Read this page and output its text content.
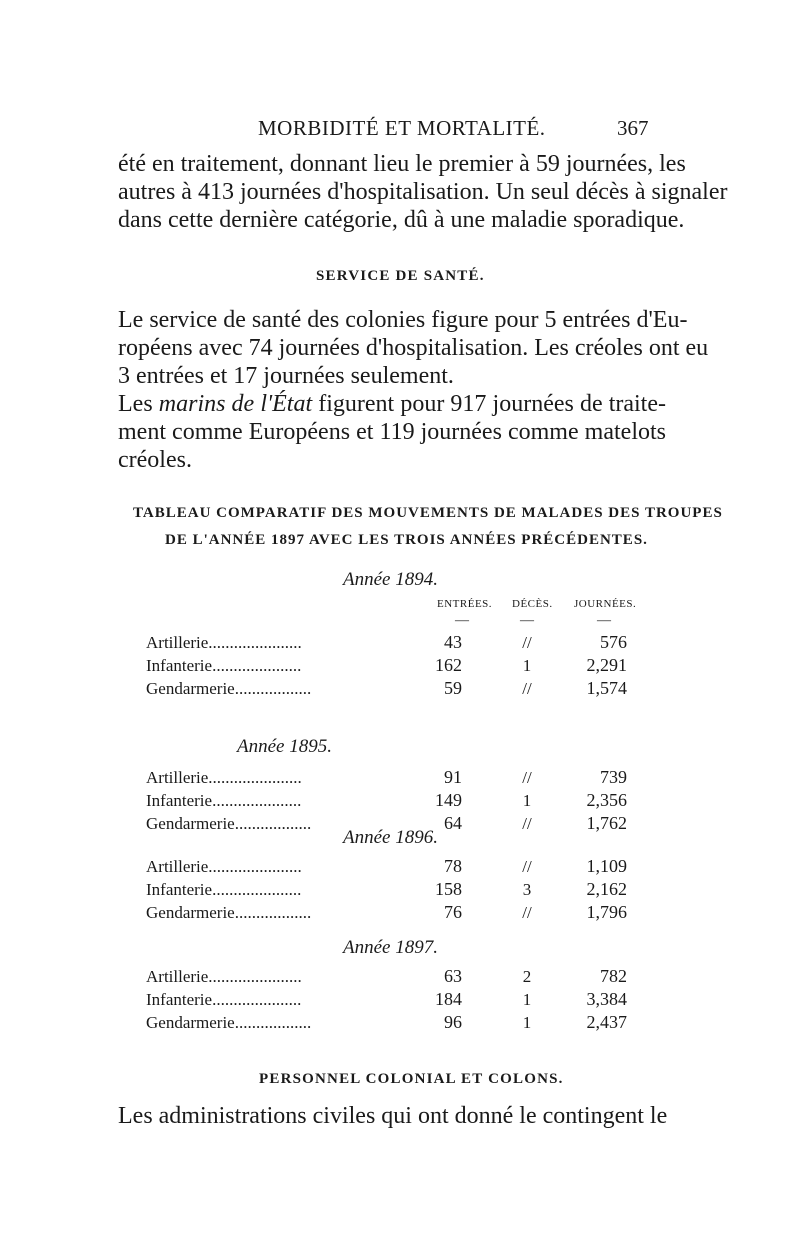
MORBIDITÉ ET MORTALITÉ.	367
été en traitement, donnant lieu le premier à 59 journées, les
autres à 413 journées d'hospitalisation. Un seul décès à signaler
dans cette dernière catégorie, dû à une maladie sporadique.
SERVICE DE SANTÉ.
Le service de santé des colonies figure pour 5 entrées d'Eu-
ropéens avec 74 journées d'hospitalisation. Les créoles ont eu
3 entrées et 17 journées seulement.
Les marins de l'État figurent pour 917 journées de traite-
ment comme Européens et 119 journées comme matelots
créoles.
TABLEAU COMPARATIF DES MOUVEMENTS DE MALADES DES TROUPES
DE L'ANNÉE 1897 AVEC LES TROIS ANNÉES PRÉCÉDENTES.
ENTRÉES. DÉCÈS. JOURNÉES.
—	—	—
Année 1894.
Artillerie......................	43	//	576
Infanterie.....................	162	1	2,291
Gendarmerie..................	59	//	1,574
Année 1895.
Artillerie......................	91	//	739
Infanterie.....................	149	1	2,356
Gendarmerie..................	64	//	1,762
Année 1896.
Artillerie......................	78	//	1,109
Infanterie.....................	158	3	2,162
Gendarmerie..................	76	//	1,796
Année 1897.
Artillerie......................	63	2	782
Infanterie.....................	184	1	3,384
Gendarmerie..................	96	1	2,437
PERSONNEL COLONIAL ET COLONS.
Les administrations civiles qui ont donné le contingent le
